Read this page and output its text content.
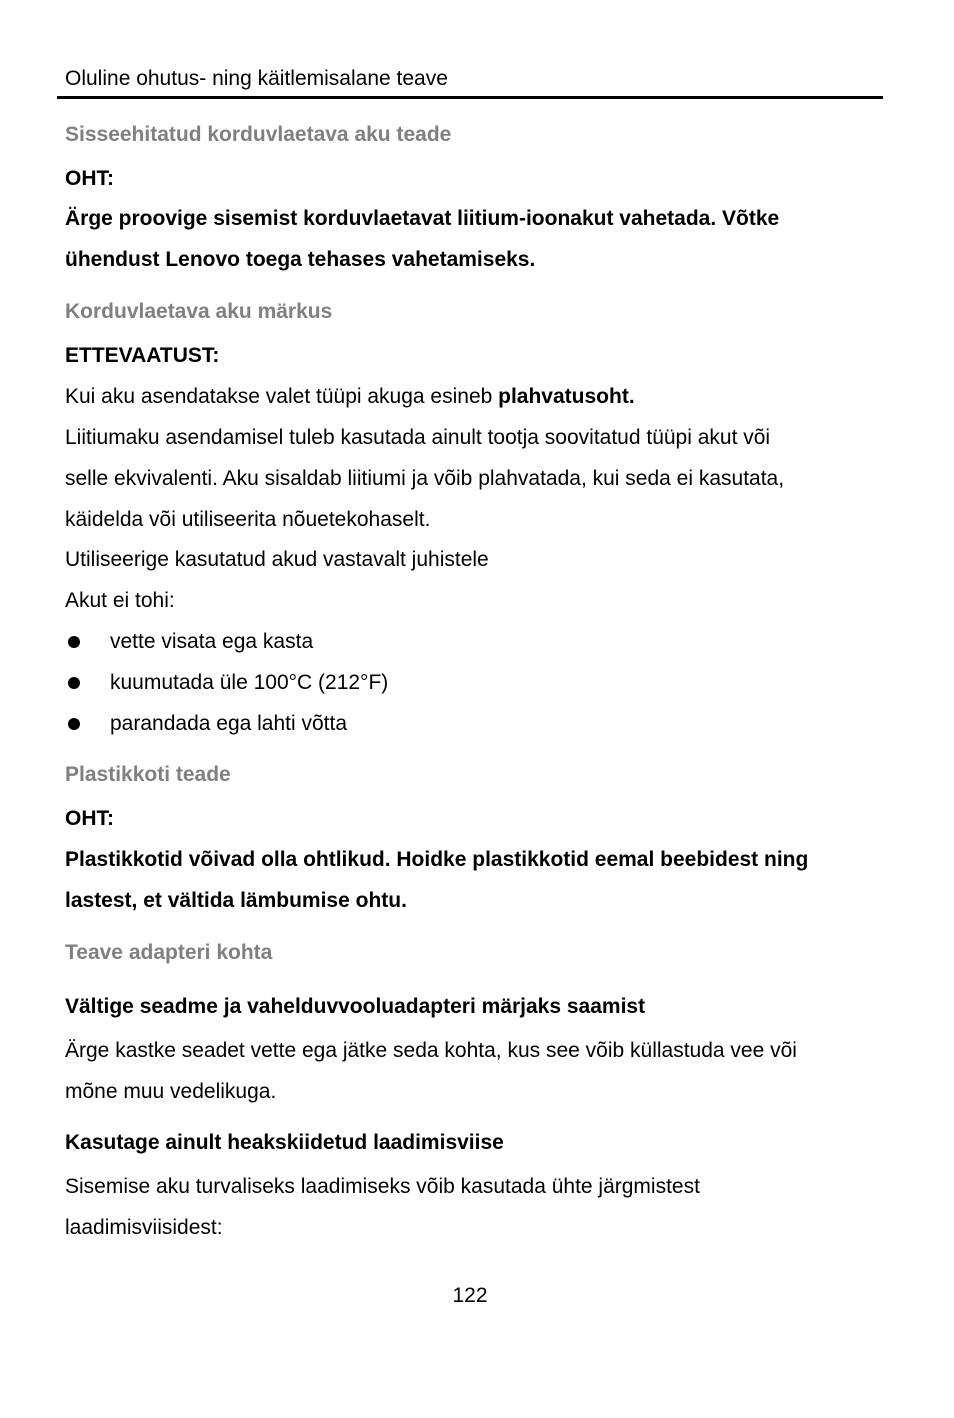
Oluline ohutus- ning käitlemisalane teave
Sisseehitatud korduvlaetava aku teade
OHT:
Ärge proovige sisemist korduvlaetavat liitium-ioonakut vahetada. Võtke
ühendust Lenovo toega tehases vahetamiseks.
Korduvlaetava aku märkus
ETTEVAATUST:
Kui aku asendatakse valet tüüpi akuga esineb plahvatusoht.
Liitiumaku asendamisel tuleb kasutada ainult tootja soovitatud tüüpi akut või
selle ekvivalenti. Aku sisaldab liitiumi ja võib plahvatada, kui seda ei kasutata,
käidelda või utiliseerita nõuetekohaselt.
Utiliseerige kasutatud akud vastavalt juhistele
Akut ei tohi:
vette visata ega kasta
kuumutada üle 100°C (212°F)
parandada ega lahti võtta
Plastikkoti teade
OHT:
Plastikkotid võivad olla ohtlikud. Hoidke plastikkotid eemal beebidest ning
lastest, et vältida lämbumise ohtu.
Teave adapteri kohta
Vältige seadme ja vahelduvvooluadapteri märjaks saamist
Ärge kastke seadet vette ega jätke seda kohta, kus see võib küllastuda vee või
mõne muu vedelikuga.
Kasutage ainult heakskiidetud laadimisviise
Sisemise aku turvaliseks laadimiseks võib kasutada ühte järgmistest
laadimisviisidest:
122
